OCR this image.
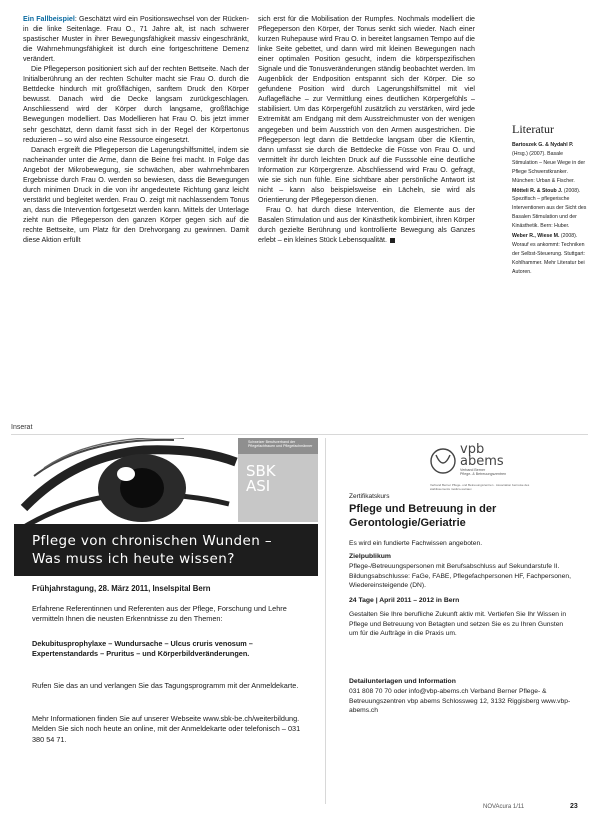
Ein Fallbeispiel: Geschätzt wird ein Positionswechsel von der Rücken- in die linke Seitenlage. Frau O., 71 Jahre alt, ist nach schwerer spastischer Muster in ihrer Bewegungsfähigkeit massiv eingeschränkt, die Wahrnehmungsfähigkeit ist durch eine fortgeschrittene Demenz verändert.

Die Pflegeperson positioniert sich auf der rechten Bettseite. Nach der Initialberührung an der rechten Schulter macht sie Frau O. durch die Bettdecke hindurch mit großflächigen, sanftem Druck den Körper bewusst. Danach wird die Decke langsam zurückgeschlagen. Anschliessend wird der Körper durch langsame, großflächige Bewegungen modelliert. Das Modellieren hat Frau O. bis jetzt immer sehr geschätzt, denn damit fasst sich in der Regel der Körpertonus reduzieren – so wird also eine Ressource eingesetzt.

Danach ergreift die Pflegeperson die Lagerungshilfsmittel, indem sie nacheinander unter die Arme, dann die Beine frei macht. In Folge das Angebot der Mikrobewegung, sie schwächen, aber wahrnehmbaren Ergebnisse durch Frau O. werden so bewiesen, dass die Bewegungen durch minimen Druck in die von ihr angedeutete Richtung ganz leicht verstärkt und begleitet werden. Frau O. zeigt mit nachlassendem Tonus an, dass die Intervention fortgesetzt werden kann. Mittels der Unterlage zieht nun die Pflegeperson den ganzen Körper gegen sich auf die rechte Bettseite, um Platz für den Drehvorgang zu gewinnen. Damit diese Aktion erfüllt

sich erst für die Mobilisation der Rumpfes. Nochmals modelliert die Pflegeperson den Körper, der Tonus senkt sich wieder. Nach einer kurzen Ruhepause wird Frau O. in bereitet langsamen Tempo auf die linke Seite gebettet, und dann wird mit kleinen Bewegungen nach einer optimalen Position gesucht, indem die körperspezifischen Signale und die Tonusveränderungen ständig beobachtet werden. Im Augenblick der Endposition entspannt sich der Körper. Die so gefundene Position wird durch Lagerungshilfsmittel mit viel Auflagefläche – zur Vermittlung eines deutlichen Körpergefühls – stabilisiert. Um das Körpergefühl zusätzlich zu verstärken, wird jede Extremität am Endgang mit dem Ausstreichmuster von der wenigen angegeben und beim Ausstrich von den Armen ausgestrichen. Die Pflegeperson legt dann die Bettdecke langsam über die Klientin, dann umfasst sie durch die Bettdecke die Füsse von Frau O. und vermittelt ihr durch leichten Druck auf die Fusssohle eine deutliche Information zur Körpergrenze. Abschliessend wird Frau O. gefragt, wie sie sich nun fühle. Eine sichtbare aber persönliche Antwort ist nicht – kann also beispielsweise ein Lächeln, sie wird als Orientierung der Pflegeperson dienen.

Frau O. hat durch diese Intervention, die Elemente aus der Basalen Stimulation und aus der Kinästhetik kombiniert, ihren Körper durch gezielte Berührung und kontrollierte Bewegung als Ganzes erlebt – ein kleines Stück Lebensqualität.

Literatur
Bartoszek G. & Nydahl P. (Hrsg.) (2007). Basale Stimulation – Neue Wege in der Pflege Schwerstkranker. München: Urban & Fischer.
Mötteli R. & Stoub J. (2008). Spezifisch – pflegerische Interventionen aus der Sicht des Basalen Stimulation und der Kinästhetik. Bern: Huber.
Weber R., Wiese M. (2008). Worauf es ankommt: Techniken der Selbst-Steuerung. Stuttgart: Kohlhammer. Mehr Literatur bei Autoren.
Inserat
Schweizer Berufsverband der Pflegefachfrauen und Pflegefachmänner
SBK
ASI
Pflege von chronischen Wunden –
Was muss ich heute wissen?
Frühjahrstagung, 28. März 2011, Inselspital Bern
Erfahrene Referentinnen und Referenten aus der Pflege, Forschung und Lehre vermitteln Ihnen die neusten Erkenntnisse zu den Themen:
Dekubitusprophylaxe – Wundursache – Ulcus cruris venosum – Expertenstandards – Pruritus – und Körperbildveränderungen.
Rufen Sie das an und verlangen Sie das Tagungsprogramm mit der Anmeldekarte.
Mehr Informationen finden Sie auf unserer Webseite www.sbk-be.ch/weiterbildung. Melden Sie sich noch heute an online, mit der Anmeldekarte oder telefonisch – 031 380 54 71.
vpb
abems
Verband Berner
Pflege- & Betreuungszentren
Verband Berner Pflege- und Betreuungszentren · Association bernoise des établissements médico-sociaux
Zertifikatskurs
Pflege und Betreuung in der
Gerontologie/Geriatrie
Es wird ein fundierte Fachwissen angeboten.
Zielpublikum
Pflege-/Betreuungspersonen mit Berufsabschluss auf Sekundarstufe II. Bildungsabschlusse: FaGe, FABE, Pflegefachpersonen HF, Fachpersonen, Wiedereinsteigende (DN).
24 Tage | April 2011 – 2012 in Bern
Gestalten Sie Ihre berufliche Zukunft aktiv mit. Vertiefen Sie Ihr Wissen in Pflege und Betreuung von Betagten und setzen Sie es zu Ihren Gunsten um für die Aufträge in die Praxis um.
Detailunterlagen und Information
031 808 70 70 oder info@vbp-abems.ch Verband Berner Pflege- & Betreuungszentren vbp abems Schlossweg 12, 3132 Riggisberg www.vbp-abems.ch
NOVAcura 1/11	23
